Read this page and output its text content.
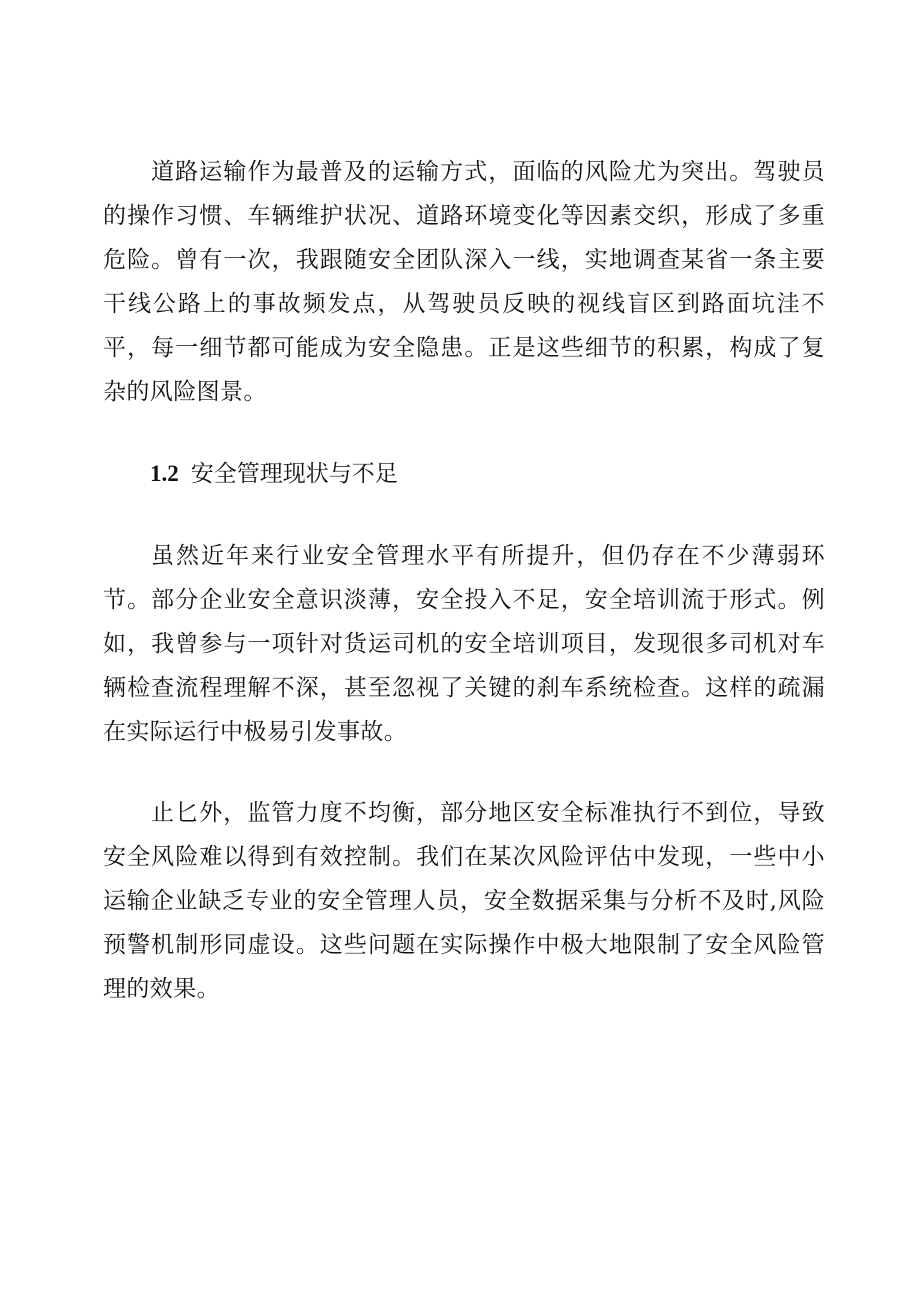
道路运输作为最普及的运输方式，面临的风险尤为突出。驾驶员的操作习惯、车辆维护状况、道路环境变化等因素交织，形成了多重危险。曾有一次，我跟随安全团队深入一线，实地调查某省一条主要干线公路上的事故频发点，从驾驶员反映的视线盲区到路面坑洼不平，每一细节都可能成为安全隐患。正是这些细节的积累，构成了复杂的风险图景。

1.2 安全管理现状与不足

虽然近年来行业安全管理水平有所提升，但仍存在不少薄弱环节。部分企业安全意识淡薄，安全投入不足，安全培训流于形式。例如，我曾参与一项针对货运司机的安全培训项目，发现很多司机对车辆检查流程理解不深，甚至忽视了关键的刹车系统检查。这样的疏漏在实际运行中极易引发事故。

止匕外，监管力度不均衡，部分地区安全标准执行不到位，导致安全风险难以得到有效控制。我们在某次风险评估中发现，一些中小运输企业缺乏专业的安全管理人员，安全数据采集与分析不及时,风险预警机制形同虚设。这些问题在实际操作中极大地限制了安全风险管理的效果。
